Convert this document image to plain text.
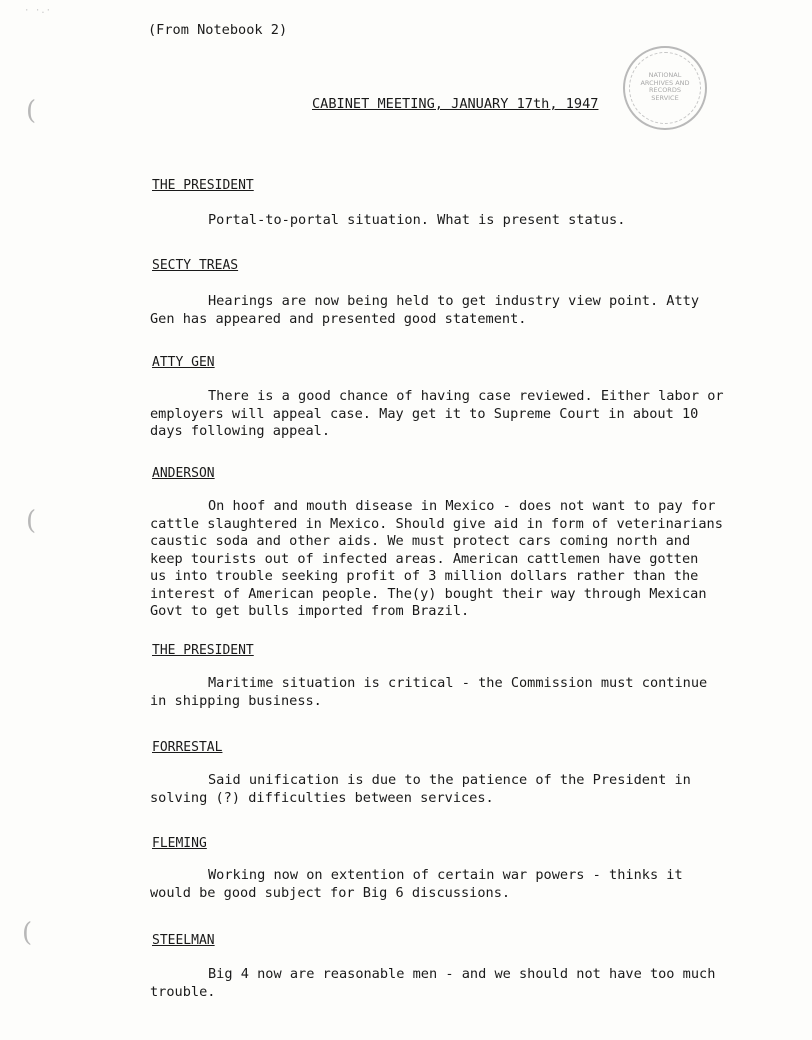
· ·.·
(
(
(
(From Notebook 2)
NATIONAL
ARCHIVES AND
RECORDS
SERVICE
CABINET MEETING, JANUARY 17th, 1947
THE PRESIDENT
Portal-to-portal situation. What is present status.
SECTY TREAS
Hearings are now being held to get industry view point. Atty
Gen has appeared and presented good statement.
ATTY GEN
There is a good chance of having case reviewed. Either labor or
employers will appeal case. May get it to Supreme Court in about 10
days following appeal.
ANDERSON
On hoof and mouth disease in Mexico - does not want to pay for
cattle slaughtered in Mexico. Should give aid in form of veterinarians
caustic soda and other aids. We must protect cars coming north and
keep tourists out of infected areas. American cattlemen have gotten
us into trouble seeking profit of 3 million dollars rather than the
interest of American people. The(y) bought their way through Mexican
Govt to get bulls imported from Brazil.
THE PRESIDENT
Maritime situation is critical - the Commission must continue
in shipping business.
FORRESTAL
Said unification is due to the patience of the President in
solving (?) difficulties between services.
FLEMING
Working now on extention of certain war powers - thinks it
would be good subject for Big 6 discussions.
STEELMAN
Big 4 now are reasonable men - and we should not have too much
trouble.
